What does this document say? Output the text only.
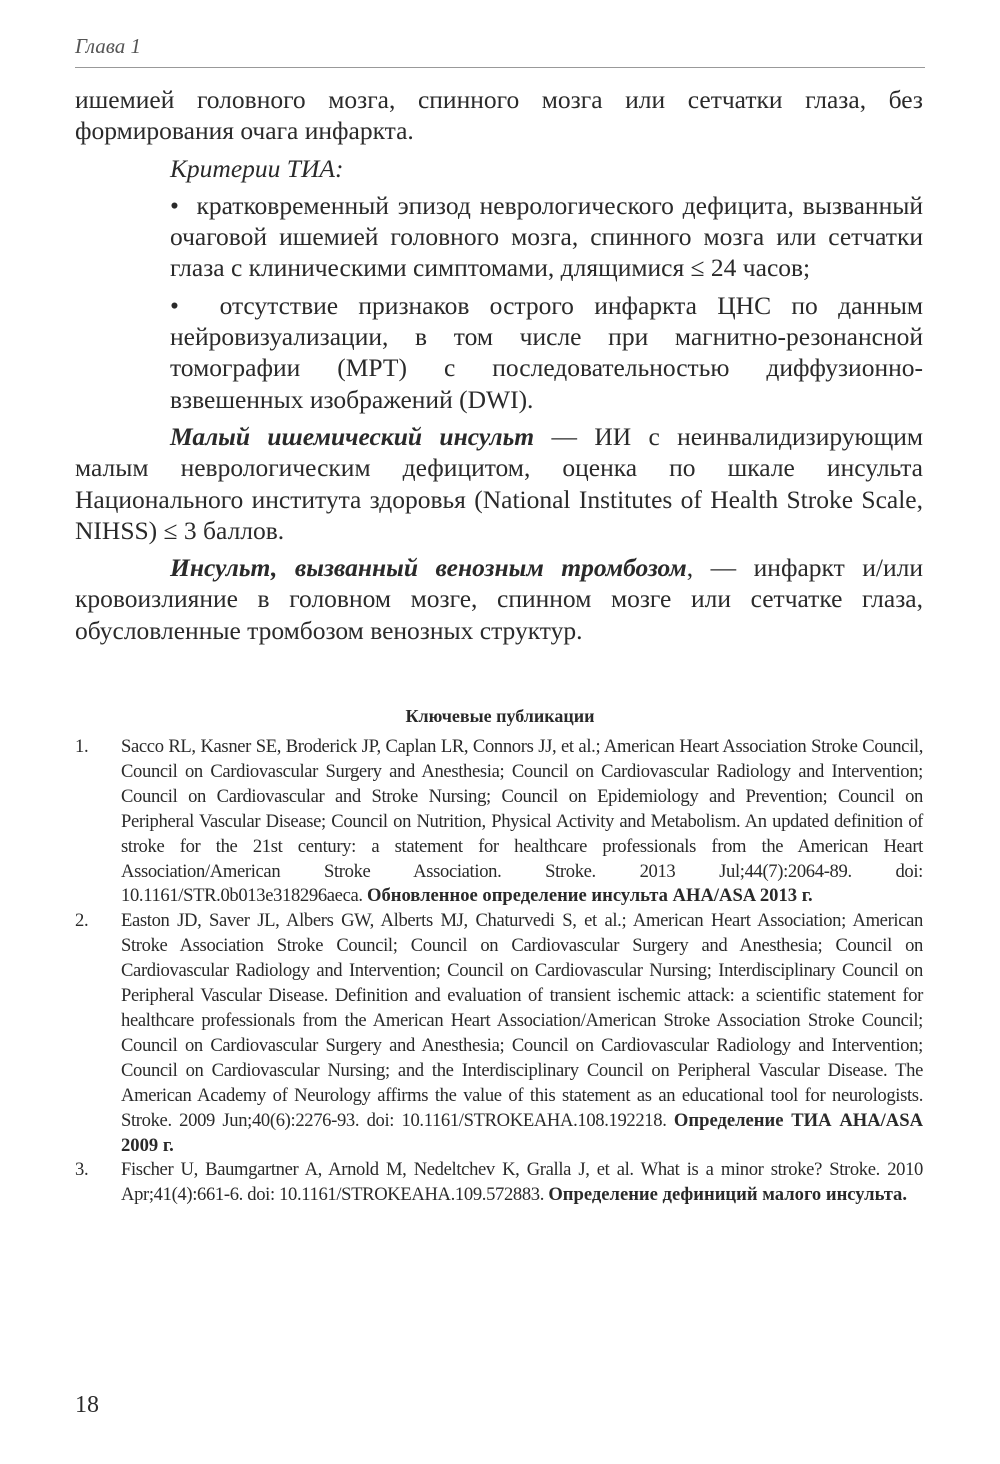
Глава 1

ишемией головного мозга, спинного мозга или сетчатки глаза, без формирования очага инфаркта.

Критерии ТИА:

•  кратковременный эпизод неврологического дефицита, вызванный очаговой ишемией головного мозга, спинного мозга или сетчатки глаза с клиническими симптомами, длящимися ≤ 24 часов;

•  отсутствие признаков острого инфаркта ЦНС по данным нейровизуализации, в том числе при магнитно-резонансной томографии (МРТ) с последовательностью диффузионно-взвешенных изображений (DWI).

Малый ишемический инсульт — ИИ с неинвалидизирующим малым неврологическим дефицитом, оценка по шкале инсульта Национального института здоровья (National Institutes of Health Stroke Scale, NIHSS) ≤ 3 баллов.

Инсульт, вызванный венозным тромбозом, — инфаркт и/или кровоизлияние в головном мозге, спинном мозге или сетчатке глаза, обусловленные тромбозом венозных структур.

Ключевые публикации
1.	Sacco RL, Kasner SE, Broderick JP, Caplan LR, Connors JJ, et al.; American Heart Association Stroke Council, Council on Cardiovascular Surgery and Anesthesia; Council on Cardiovascular Radiology and Intervention; Council on Cardiovascular and Stroke Nursing; Council on Epidemiology and Prevention; Council on Peripheral Vascular Disease; Council on Nutrition, Physical Activity and Metabolism. An updated definition of stroke for the 21st century: a statement for healthcare professionals from the American Heart Association/American Stroke Association. Stroke. 2013 Jul;44(7):2064-89. doi: 10.1161/STR.0b013e318296aeca. Обновленное определение инсульта AHA/ASA 2013 г.
2.	Easton JD, Saver JL, Albers GW, Alberts MJ, Chaturvedi S, et al.; American Heart Association; American Stroke Association Stroke Council; Council on Cardiovascular Surgery and Anesthesia; Council on Cardiovascular Radiology and Intervention; Council on Cardiovascular Nursing; Interdisciplinary Council on Peripheral Vascular Disease. Definition and evaluation of transient ischemic attack: a scientific statement for healthcare professionals from the American Heart Association/American Stroke Association Stroke Council; Council on Cardiovascular Surgery and Anesthesia; Council on Cardiovascular Radiology and Intervention; Council on Cardiovascular Nursing; and the Interdisciplinary Council on Peripheral Vascular Disease. The American Academy of Neurology affirms the value of this statement as an educational tool for neurologists. Stroke. 2009 Jun;40(6):2276-93. doi: 10.1161/STROKEAHA.108.192218. Определение ТИА AHA/ASA 2009 г.
3.	Fischer U, Baumgartner A, Arnold M, Nedeltchev K, Gralla J, et al. What is a minor stroke? Stroke. 2010 Apr;41(4):661-6. doi: 10.1161/STROKEAHA.109.572883. Определение дефиниций малого инсульта.
18
